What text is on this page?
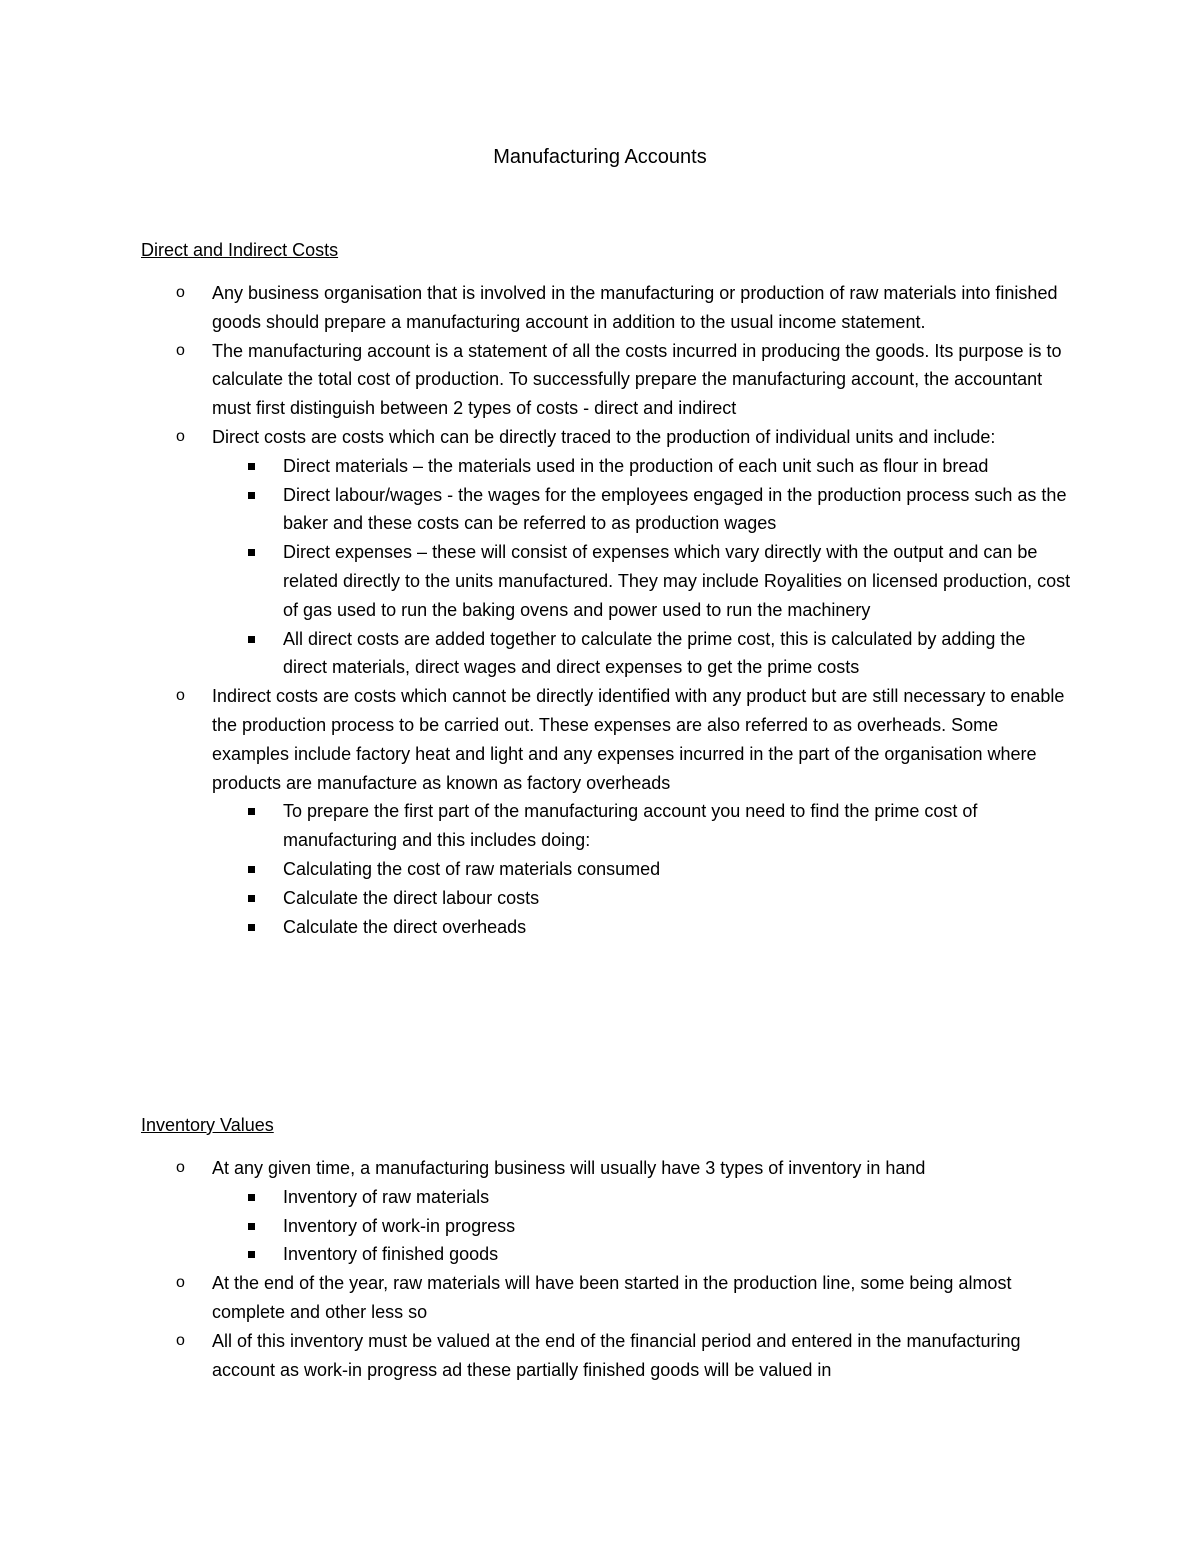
Manufacturing Accounts
Direct and Indirect Costs
o Any business organisation that is involved in the manufacturing or production of raw materials into finished goods should prepare a manufacturing account in addition to the usual income statement.
o The manufacturing account is a statement of all the costs incurred in producing the goods. Its purpose is to calculate the total cost of production. To successfully prepare the manufacturing account, the accountant must first distinguish between 2 types of costs - direct and indirect
o Direct costs are costs which can be directly traced to the production of individual units and include:
Direct materials – the materials used in the production of each unit such as flour in bread
Direct labour/wages - the wages for the employees engaged in the production process such as the baker and these costs can be referred to as production wages
Direct expenses – these will consist of expenses which vary directly with the output and can be related directly to the units manufactured. They may include Royalities on licensed production, cost of gas used to run the baking ovens and power used to run the machinery
All direct costs are added together to calculate the prime cost, this is calculated by adding the direct materials, direct wages and direct expenses to get the prime costs
o Indirect costs are costs which cannot be directly identified with any product but are still necessary to enable the production process to be carried out. These expenses are also referred to as overheads. Some examples include factory heat and light and any expenses incurred in the part of the organisation where products are manufacture as known as factory overheads
To prepare the first part of the manufacturing account you need to find the prime cost of manufacturing and this includes doing:
Calculating the cost of raw materials consumed
Calculate the direct labour costs
Calculate the direct overheads
Inventory Values
o At any given time, a manufacturing business will usually have 3 types of inventory in hand
Inventory of raw materials
Inventory of work-in progress
Inventory of finished goods
o At the end of the year, raw materials will have been started in the production line, some being almost complete and other less so
o All of this inventory must be valued at the end of the financial period and entered in the manufacturing account as work-in progress ad these partially finished goods will be valued in
